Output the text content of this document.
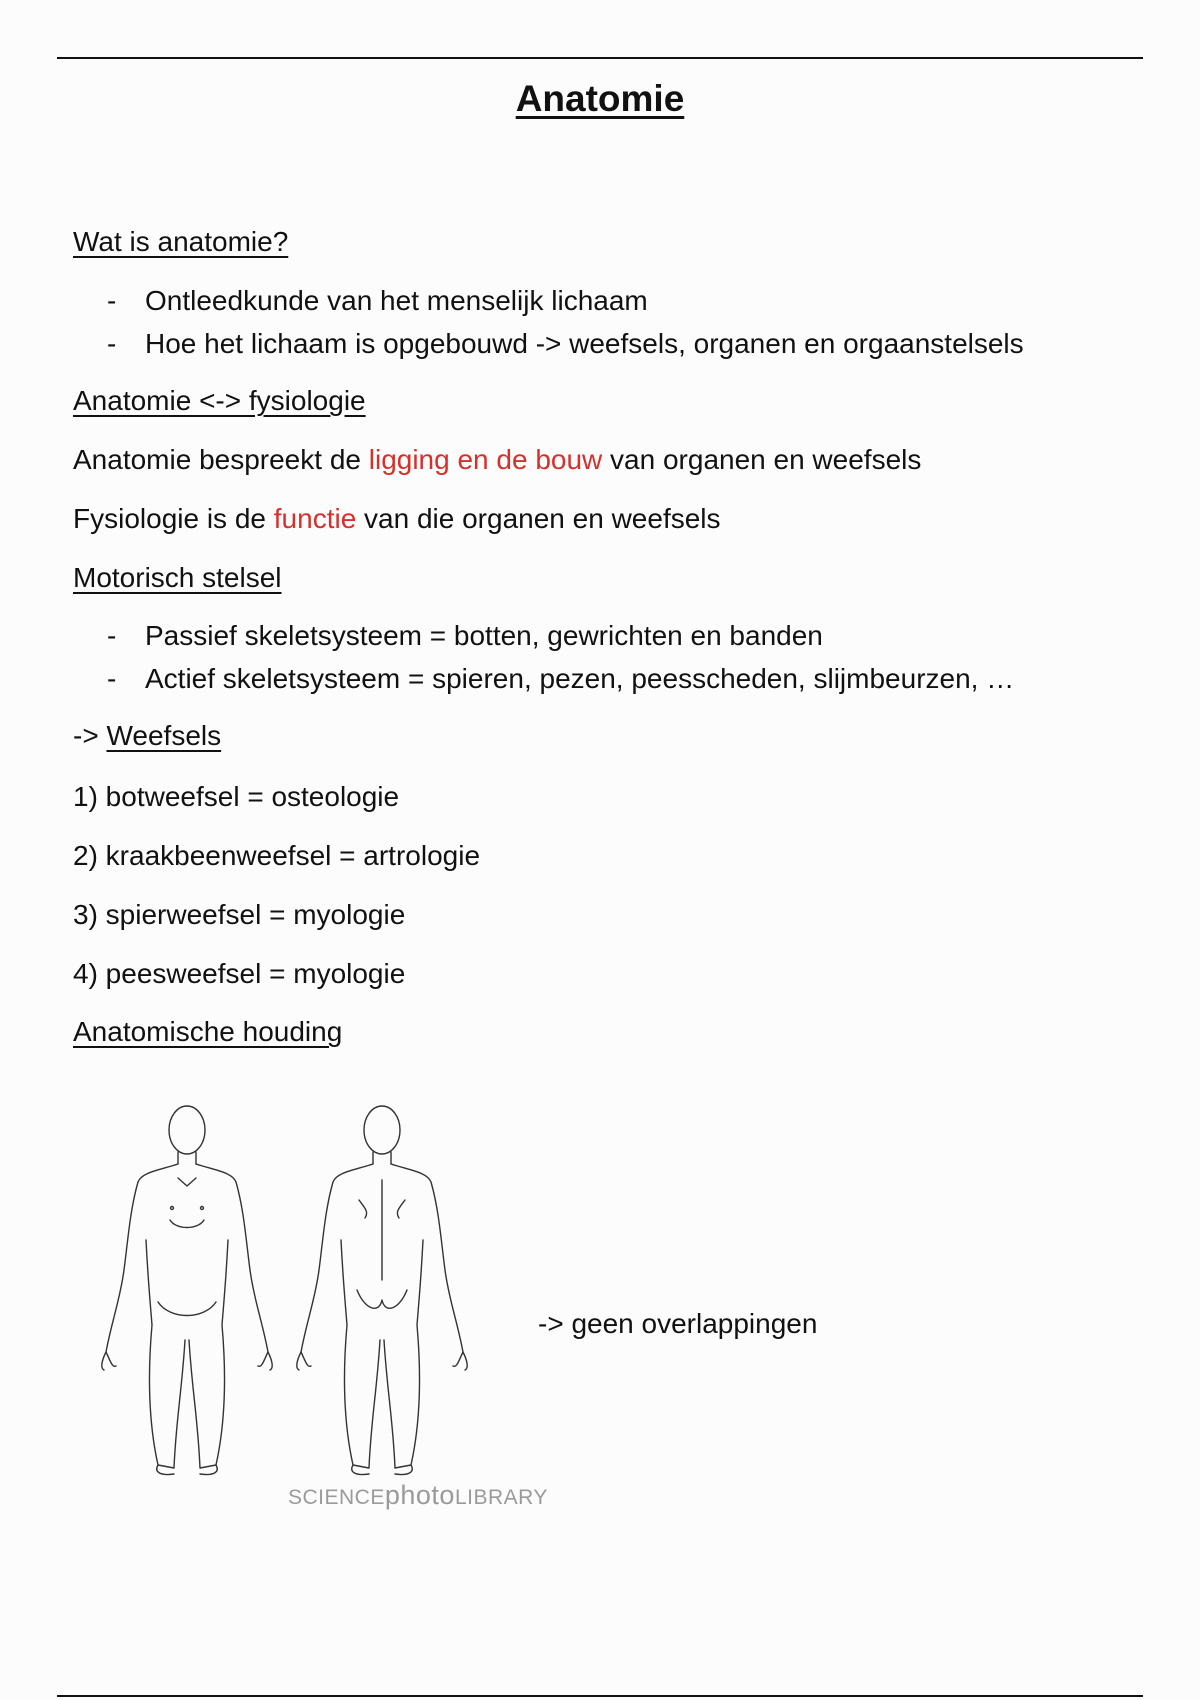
Anatomie
Wat is anatomie?
- Ontleedkunde van het menselijk lichaam
- Hoe het lichaam is opgebouwd -> weefsels, organen en orgaanstelsels
Anatomie <-> fysiologie
Anatomie bespreekt de ligging en de bouw van organen en weefsels
Fysiologie is de functie van die organen en weefsels
Motorisch stelsel
- Passief skeletsysteem = botten, gewrichten en banden
- Actief skeletsysteem = spieren, pezen, peesscheden, slijmbeurzen, …
-> Weefsels
1) botweefsel = osteologie
2) kraakbeenweefsel = artrologie
3) spierweefsel = myologie
4) peesweefsel = myologie
Anatomische houding
SCIENCEphotoLIBRARY
-> geen overlappingen
